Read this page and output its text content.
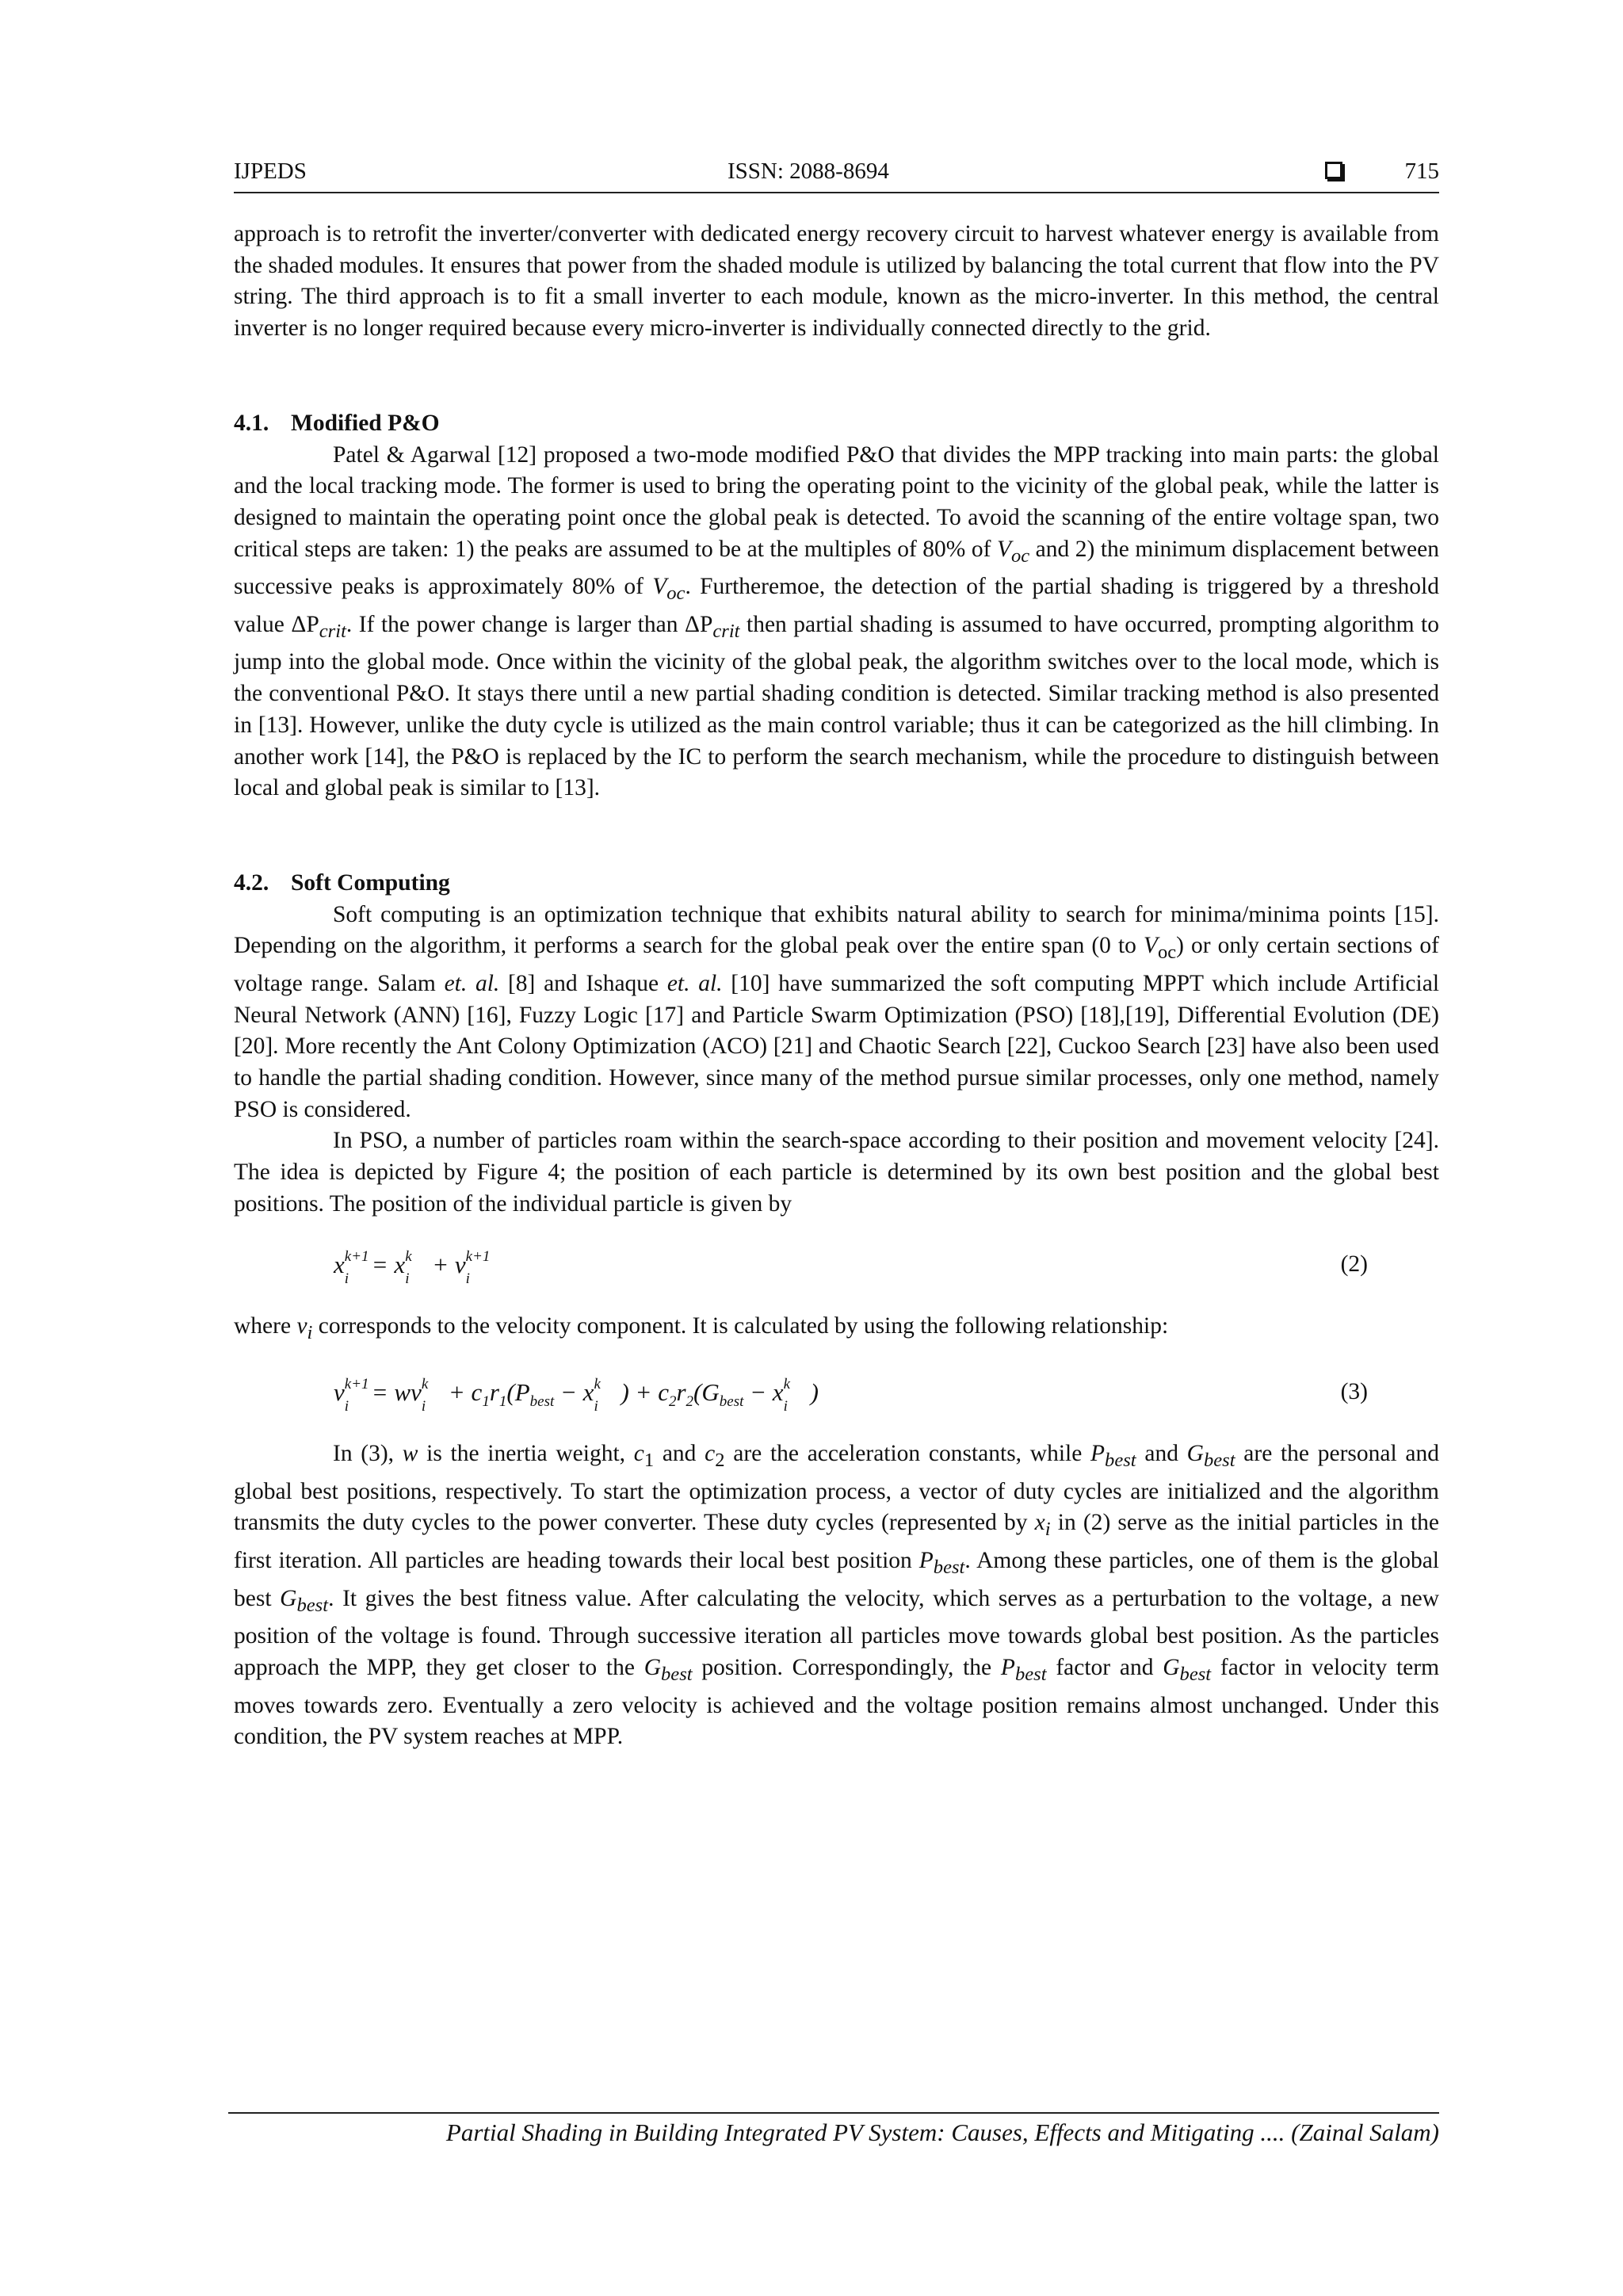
IJPEDS	ISSN: 2088-8694	715

approach is to retrofit the inverter/converter with dedicated energy recovery circuit to harvest whatever energy is available from the shaded modules. It ensures that power from the shaded module is utilized by balancing the total current that flow into the PV string. The third approach is to fit a small inverter to each module, known as the micro-inverter. In this method, the central inverter is no longer required because every micro-inverter is individually connected directly to the grid.

4.1. Modified P&O

Patel & Agarwal [12] proposed a two-mode modified P&O that divides the MPP tracking into main parts: the global and the local tracking mode. The former is used to bring the operating point to the vicinity of the global peak, while the latter is designed to maintain the operating point once the global peak is detected. To avoid the scanning of the entire voltage span, two critical steps are taken: 1) the peaks are assumed to be at the multiples of 80% of $V_{oc}$ and 2) the minimum displacement between successive peaks is approximately 80% of $V_{oc}$. Furtheremoe, the detection of the partial shading is triggered by a threshold value $\Delta P_{crit}$. If the power change is larger than $\Delta P_{crit}$ then partial shading is assumed to have occurred, prompting algorithm to jump into the global mode. Once within the vicinity of the global peak, the algorithm switches over to the local mode, which is the conventional P&O. It stays there until a new partial shading condition is detected. Similar tracking method is also presented in [13]. However, unlike the duty cycle is utilized as the main control variable; thus it can be categorized as the hill climbing. In another work [14], the P&O is replaced by the IC to perform the search mechanism, while the procedure to distinguish between local and global peak is similar to [13].

4.2. Soft Computing

Soft computing is an optimization technique that exhibits natural ability to search for minima/minima points [15]. Depending on the algorithm, it performs a search for the global peak over the entire span (0 to $V_{oc}$) or only certain sections of voltage range. Salam et. al. [8] and Ishaque et. al. [10] have summarized the soft computing MPPT which include Artificial Neural Network (ANN) [16], Fuzzy Logic [17] and Particle Swarm Optimization (PSO) [18],[19], Differential Evolution (DE) [20]. More recently the Ant Colony Optimization (ACO) [21] and Chaotic Search [22], Cuckoo Search [23] have also been used to handle the partial shading condition. However, since many of the method pursue similar processes, only one method, namely PSO is considered.

In PSO, a number of particles roam within the search-space according to their position and movement velocity [24]. The idea is depicted by Figure 4; the position of each particle is determined by its own best position and the global best positions. The position of the individual particle is given by

x k+1
i
= x k
i
+ v k+1
i
(2)

where $v_i$ corresponds to the velocity component. It is calculated by using the following relationship:

v k+1
i
= wv k
i
+ $c_1r_1(P_{best} - x$ k
i
) + $c_2r_2(G_{best} - x$ k
i
)	(3)

In (3), w is the inertia weight, $c_1$ and $c_2$ are the acceleration constants, while $P_{best}$ and $G_{best}$ are the personal and global best positions, respectively. To start the optimization process, a vector of duty cycles are initialized and the algorithm transmits the duty cycles to the power converter. These duty cycles (represented by $x_i$ in (2) serve as the initial particles in the first iteration. All particles are heading towards their local best position $P_{best}$. Among these particles, one of them is the global best $G_{best}$. It gives the best fitness value. After calculating the velocity, which serves as a perturbation to the voltage, a new position of the voltage is found. Through successive iteration all particles move towards global best position. As the particles approach the MPP, they get closer to the $G_{best}$ position. Correspondingly, the $P_{best}$ factor and $G_{best}$ factor in velocity term moves towards zero. Eventually a zero velocity is achieved and the voltage position remains almost unchanged. Under this condition, the PV system reaches at MPP.

Partial Shading in Building Integrated PV System: Causes, Effects and Mitigating .... (Zainal Salam)
